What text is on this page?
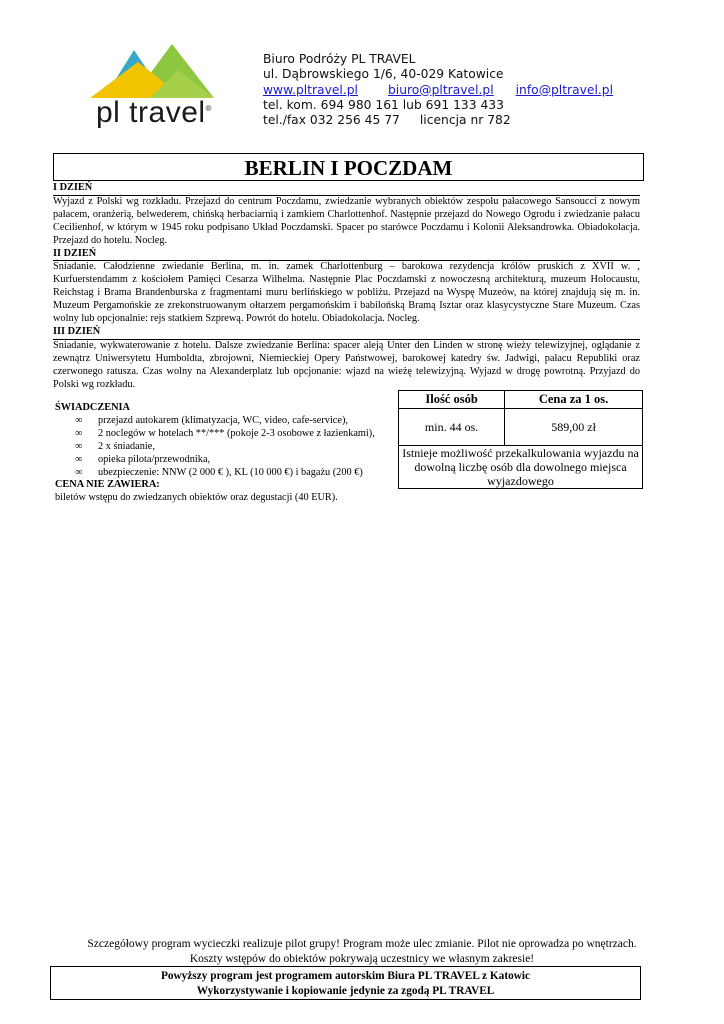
pl travel®
Biuro Podróży PL TRAVEL
ul. Dąbrowskiego 1/6, 40-029 Katowice
www.pltravel.pl biuro@pltravel.pl info@pltravel.pl
tel. kom. 694 980 161 lub 691 133 433
tel./fax 032 256 45 77 licencja nr 782
BERLIN I POCZDAM
I DZIEŃ
Wyjazd z Polski wg rozkładu. Przejazd do centrum Poczdamu, zwiedzanie wybranych obiektów zespołu pałacowego Sansoucci z nowym pałacem, oranżerią, belwederem, chińską herbaciarnią i zamkiem Charlottenhof. Następnie przejazd do Nowego Ogrodu i zwiedzanie pałacu Cecilienhof, w którym w 1945 roku podpisano Układ Poczdamski. Spacer po starówce Poczdamu i Kolonii Aleksandrowka. Obiadokolacja. Przejazd do hotelu. Nocleg.
II DZIEŃ
Śniadanie. Całodzienne zwiedanie Berlina, m. in. zamek Charlottenburg – barokowa rezydencja królów pruskich z XVII w. , Kurfuerstendamm z kościołem Pamięci Cesarza Wilhelma. Następnie Plac Poczdamski z nowoczesną architekturą, muzeum Holocaustu, Reichstag i Brama Brandenburska z fragmentami muru berlińskiego w pobliżu. Przejazd na Wyspę Muzeów, na której znajdują się m. in. Muzeum Pergamońskie ze zrekonstruowanym ołtarzem pergamońskim i babilońską Bramą Isztar oraz klasycystyczne Stare Muzeum. Czas wolny lub opcjonalnie: rejs statkiem Szprewą. Powrót do hotelu. Obiadokolacja. Nocleg.
III DZIEŃ
Śniadanie, wykwaterowanie z hotelu. Dalsze zwiedzanie Berlina: spacer aleją Unter den Linden w stronę wieży telewizyjnej, oglądanie z zewnątrz Uniwersytetu Humboldta, zbrojowni, Niemieckiej Opery Państwowej, barokowej katedry św. Jadwigi, pałacu Republiki oraz czerwonego ratusza. Czas wolny na Alexanderplatz lub opcjonanie: wjazd na wieżę telewizyjną. Wyjazd w drogę powrotną. Przyjazd do Polski wg rozkładu.
ŚWIADCZENIA
∞ przejazd autokarem (klimatyzacja, WC, video, cafe-service),
∞ 2 noclegów w hotelach **/*** (pokoje 2-3 osobowe z łazienkami),
∞ 2 x śniadanie,
∞ opieka pilota/przewodnika,
∞ ubezpieczenie: NNW (2 000 € ), KL (10 000 €) i bagażu (200 €)
CENA NIE ZAWIERA:
biletów wstępu do zwiedzanych obiektów oraz degustacji (40 EUR).
Ilość osób	Cena za 1 os.
min. 44 os.	589,00 zł
Istnieje możliwość przekalkulowania wyjazdu na dowolną liczbę osób dla dowolnego miejsca wyjazdowego	
Szczegółowy program wycieczki realizuje pilot grupy! Program może ulec zmianie. Pilot nie oprowadza po wnętrzach.
Koszty wstępów do obiektów pokrywają uczestnicy we własnym zakresie!
Powyższy program jest programem autorskim Biura PL TRAVEL z Katowic
Wykorzystywanie i kopiowanie jedynie za zgodą PL TRAVEL
